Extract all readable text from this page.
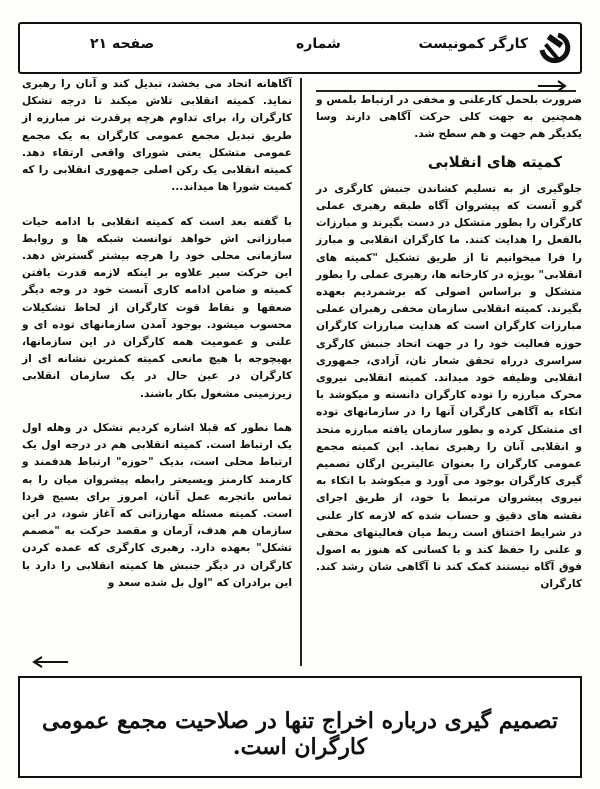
کارگر کمونیست
شماره
صفحه ۲۱

ضرورت بلحمل کارعلنی و مخفی در ارتباط بلمس و همچنین به جهت کلی حرکت آگاهی دارند وسا یکدیگر هم جهت و هم سطح شد.

کمیته های انقلابی

جلوگیری از به تسلیم کشاندن جنبش کارگری در گرو آنست که پیشروان آگاه طبقه رهبری عملی کارگران را بطور متشکل در دست بگیرند و مبارزات بالفعل را هدایت کنند. ما کارگران انقلابی و مبارز را فرا میخوانیم تا از طریق تشکیل "کمیته های انقلابی" بویژه در کارخانه ها، رهبری عملی را بطور متشکل و براساس اصولی که برشمردیم بعهده بگیرند. کمیته انقلابی سازمان مخفی رهبران عملی مبارزات کارگران است که هدایت مبارزات کارگران حوزه فعالیت خود را در جهت اتحاد جنبش کارگری سراسری درراه تحقق شعار نان، آزادی، جمهوری انقلابی وظیفه خود میداند. کمیته انقلابی نیروی محرک مبارزه را توده کارگران دانسته و میکوشد با اتکاء به آگاهی کارگران آنها را در سازمانهای توده ای متشکل کرده و بطور سازمان یافته مبارزه متحد و انقلابی آنان را رهبری نماید. این کمیته مجمع عمومی کارگران را بعنوان عالیترین ارگان تصمیم گیری کارگران بوجود می آورد و میکوشد با اتکاء به نیروی پیشروان مرتبط با خود، از طریق اجرای نقشه های دقیق و حساب شده که لازمه کار علنی در شرایط اختناق است ربط میان فعالیتهای مخفی و علنی را حفظ کند و با کسانی که هنوز به اصول فوق آگاه نیستند کمک کند تا آگاهی شان رشد کند. کارگران

آگاهانه اتحاد می بخشد، تبدیل کند و آنان را رهبری نماید. کمیته انقلابی تلاش میکند تا درجه تشکل کارگران را، برای تداوم هرچه پرقدرت تر مبارزه از طریق تبدیل مجمع عمومی کارگران به یک مجمع عمومی متشکل یعنی شورای واقعی ارتقاء دهد. کمیته انقلابی یک رکن اصلی جمهوری انقلابی را که کمیت شورا ها میداند...

با گفته بعد است که کمیته انقلابی با ادامه حیات مبارزاتی اش خواهد توانست شبکه ها و روابط سازمانی محلی خود را هرچه بیشتر گسترش دهد. این حرکت سیر علاوه بر اینکه لازمه قدرت یافتن کمیته و ضامن ادامه کاری آنست خود در وجه دیگر ضعفها و نقاط قوت کارگران از لحاظ تشکیلات محسوب میشود. بوجود آمدن سازمانهای توده ای و علنی و عمومیت همه کارگران در این سازمانها، بهیچوجه با هیچ مانعی کمیته کمترین نشانه ای از کارگران در عین حال در یک سازمان انقلابی زیرزمینی مشغول بکار باشند.

هما نطور که قبلا اشاره کردیم تشکل در وهله اول یک ارتباط است. کمیته انقلابی هم در درجه اول یک ارتباط محلی است، بدیک "حوزه" ارتباط هدفمند و کارمند کارمنز ویسیعتر رابطه پیشروان میان را به تماس باتجربه عمل آنان، امروز برای بسیج فردا است. کمیته مسئله مهارزاتی که آغاز شود، در این سازمان هم هدف، آرمان و مقصد حرکت به "مصمم تشکل" بعهده دارد. رهبری کارگری که عمده کردن کارگران در دیگر جنبش ها کمیته انقلابی را دارد با این برادران که "اول بل شده سعد و

تصمیم گیری درباره اخراج تنها در صلاحیت مجمع عمومی کارگران است.
